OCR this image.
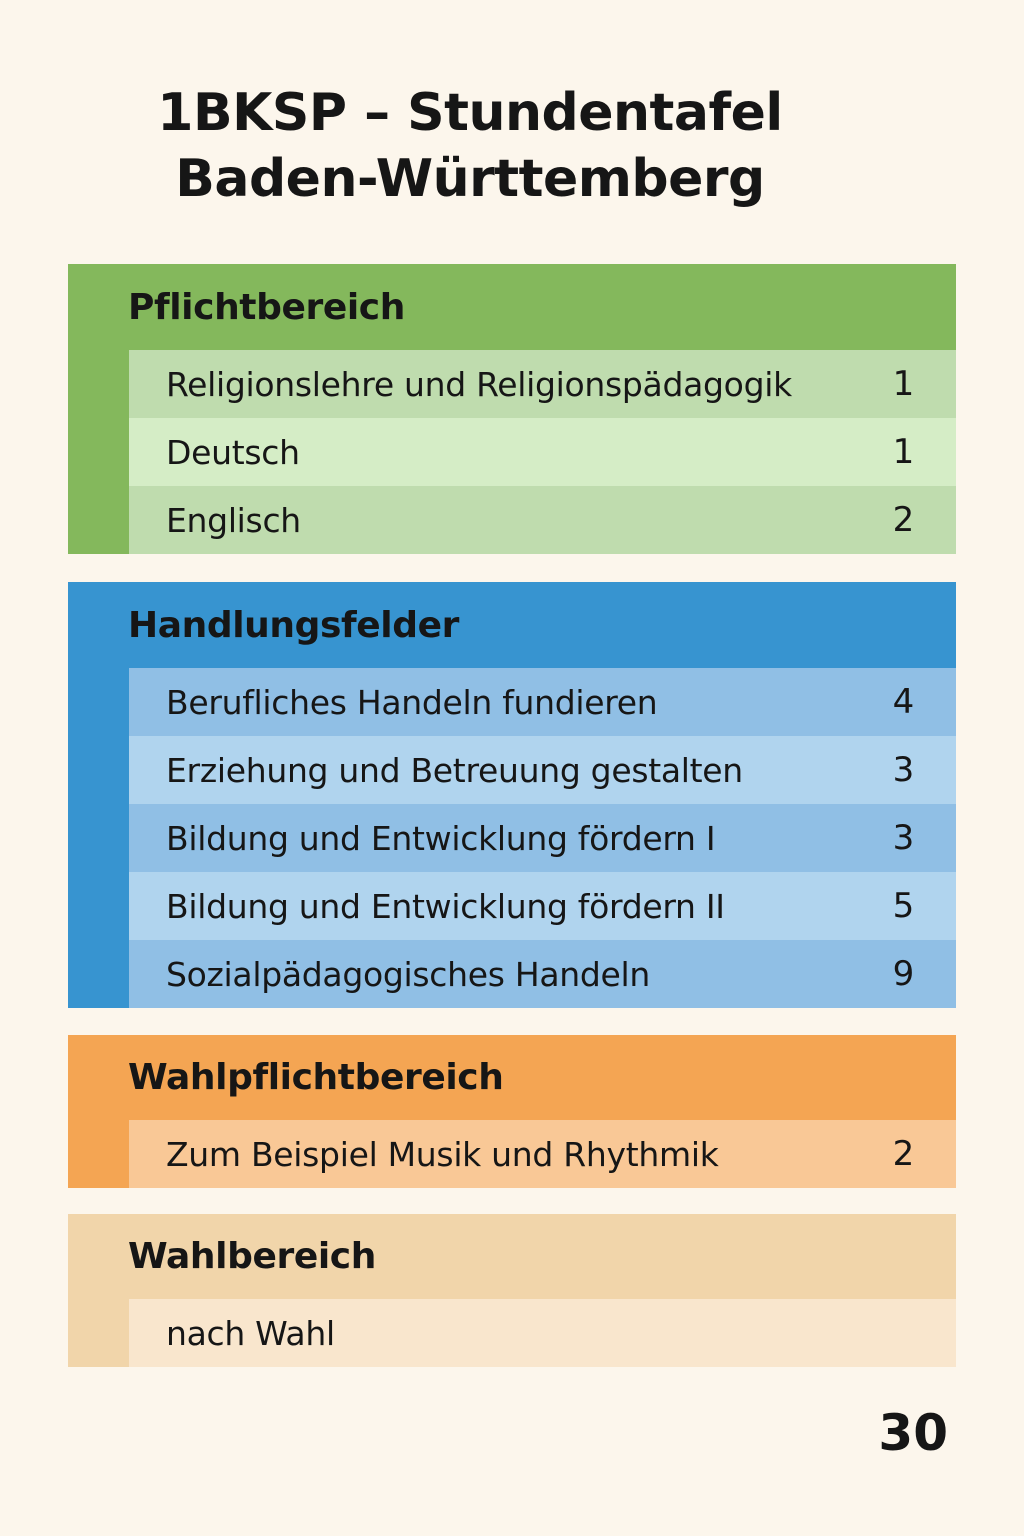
1BKSP – Stundentafel
Baden-Württemberg
Pflichtbereich
Religionslehre und Religionspädagogik	1
Deutsch	1
Englisch	2
Handlungsfelder
Berufliches Handeln fundieren	4
Erziehung und Betreuung gestalten	3
Bildung und Entwicklung fördern I	3
Bildung und Entwicklung fördern II	5
Sozialpädagogisches Handeln	9
Wahlpflichtbereich
Zum Beispiel Musik und Rhythmik	2
Wahlbereich
nach Wahl
30
